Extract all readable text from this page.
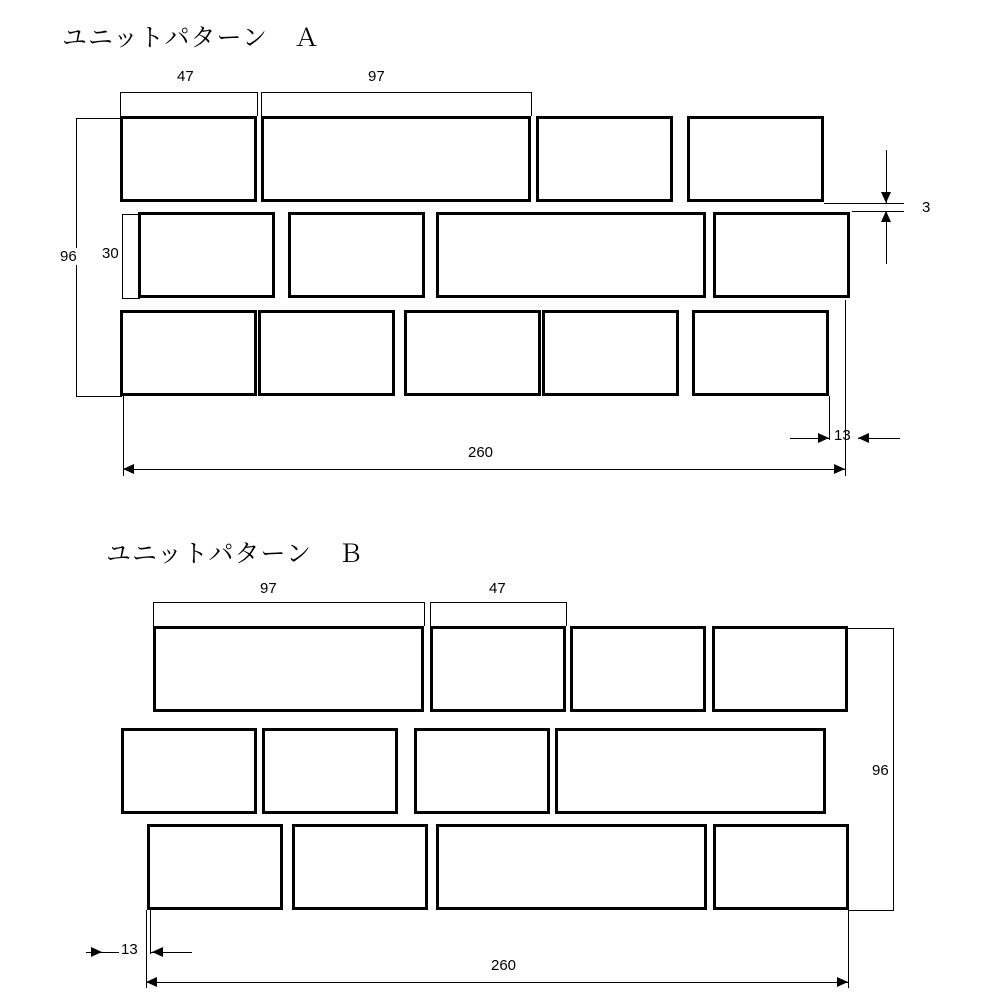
ユニットパターン　Ａ
47	97
96 30
3
13
260
ユニットパターン　Ｂ
97	47
96
13
260
